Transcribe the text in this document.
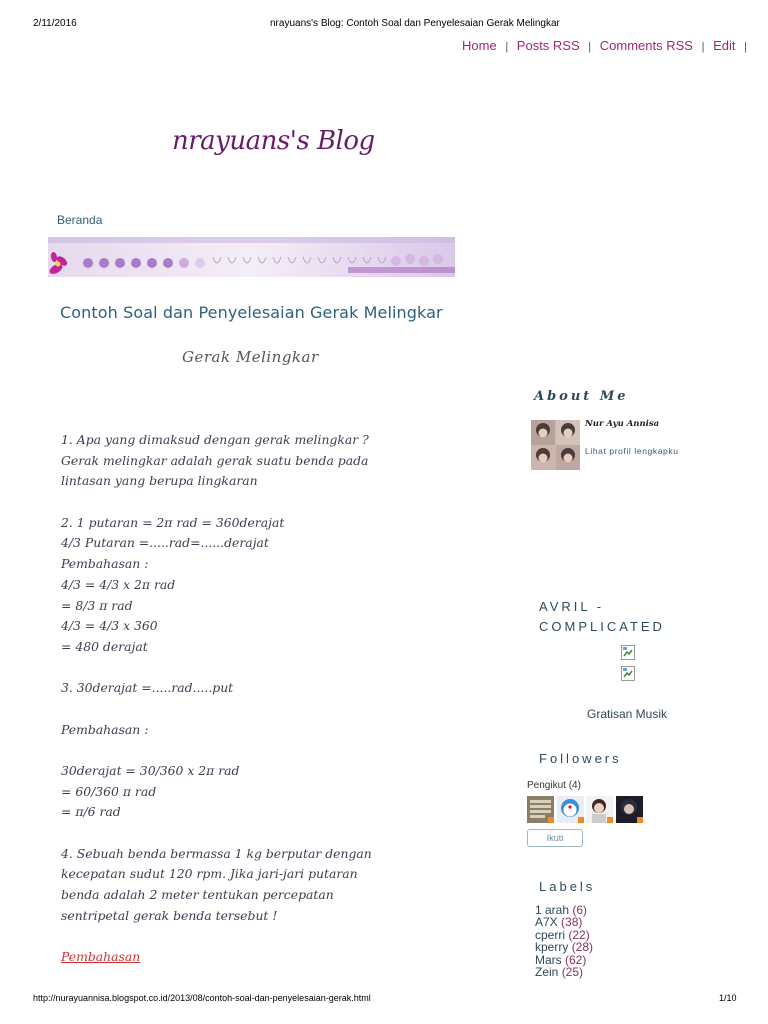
2/11/2016	nrayuans's Blog: Contoh Soal dan Penyelesaian Gerak Melingkar
Home | Posts RSS | Comments RSS | Edit |
nrayuans's Blog
Beranda
Contoh Soal dan Penyelesaian Gerak Melingkar
Gerak Melingkar
1. Apa yang dimaksud dengan gerak melingkar ?
Gerak melingkar adalah gerak suatu benda pada
lintasan yang berupa lingkaran
2. 1 putaran = 2π rad = 360derajat
4/3 Putaran =.....rad=......derajat
Pembahasan :
4/3 = 4/3 x 2π rad
= 8/3 π rad
4/3 = 4/3 x 360
= 480 derajat
3. 30derajat =.....rad.....put
Pembahasan :
30derajat = 30/360 x 2π rad
= 60/360 π rad
= π/6 rad
4. Sebuah benda bermassa 1 kg berputar dengan
kecepatan sudut 120 rpm. Jika jari-jari putaran
benda adalah 2 meter tentukan percepatan
sentripetal gerak benda tersebut !
Pembahasan
About Me
Nur Ayu Annisa
Lihat profil lengkapku
AVRIL - COMPLICATED
Gratisan Musik
Followers
Pengikut (4)
Ikuti
Labels
1 arah (6)
A7X (38)
cperri (22)
kperry (28)
Mars (62)
Zein (25)
http://nurayuannisa.blogspot.co.id/2013/08/contoh-soal-dan-penyelesaian-gerak.html	1/10
